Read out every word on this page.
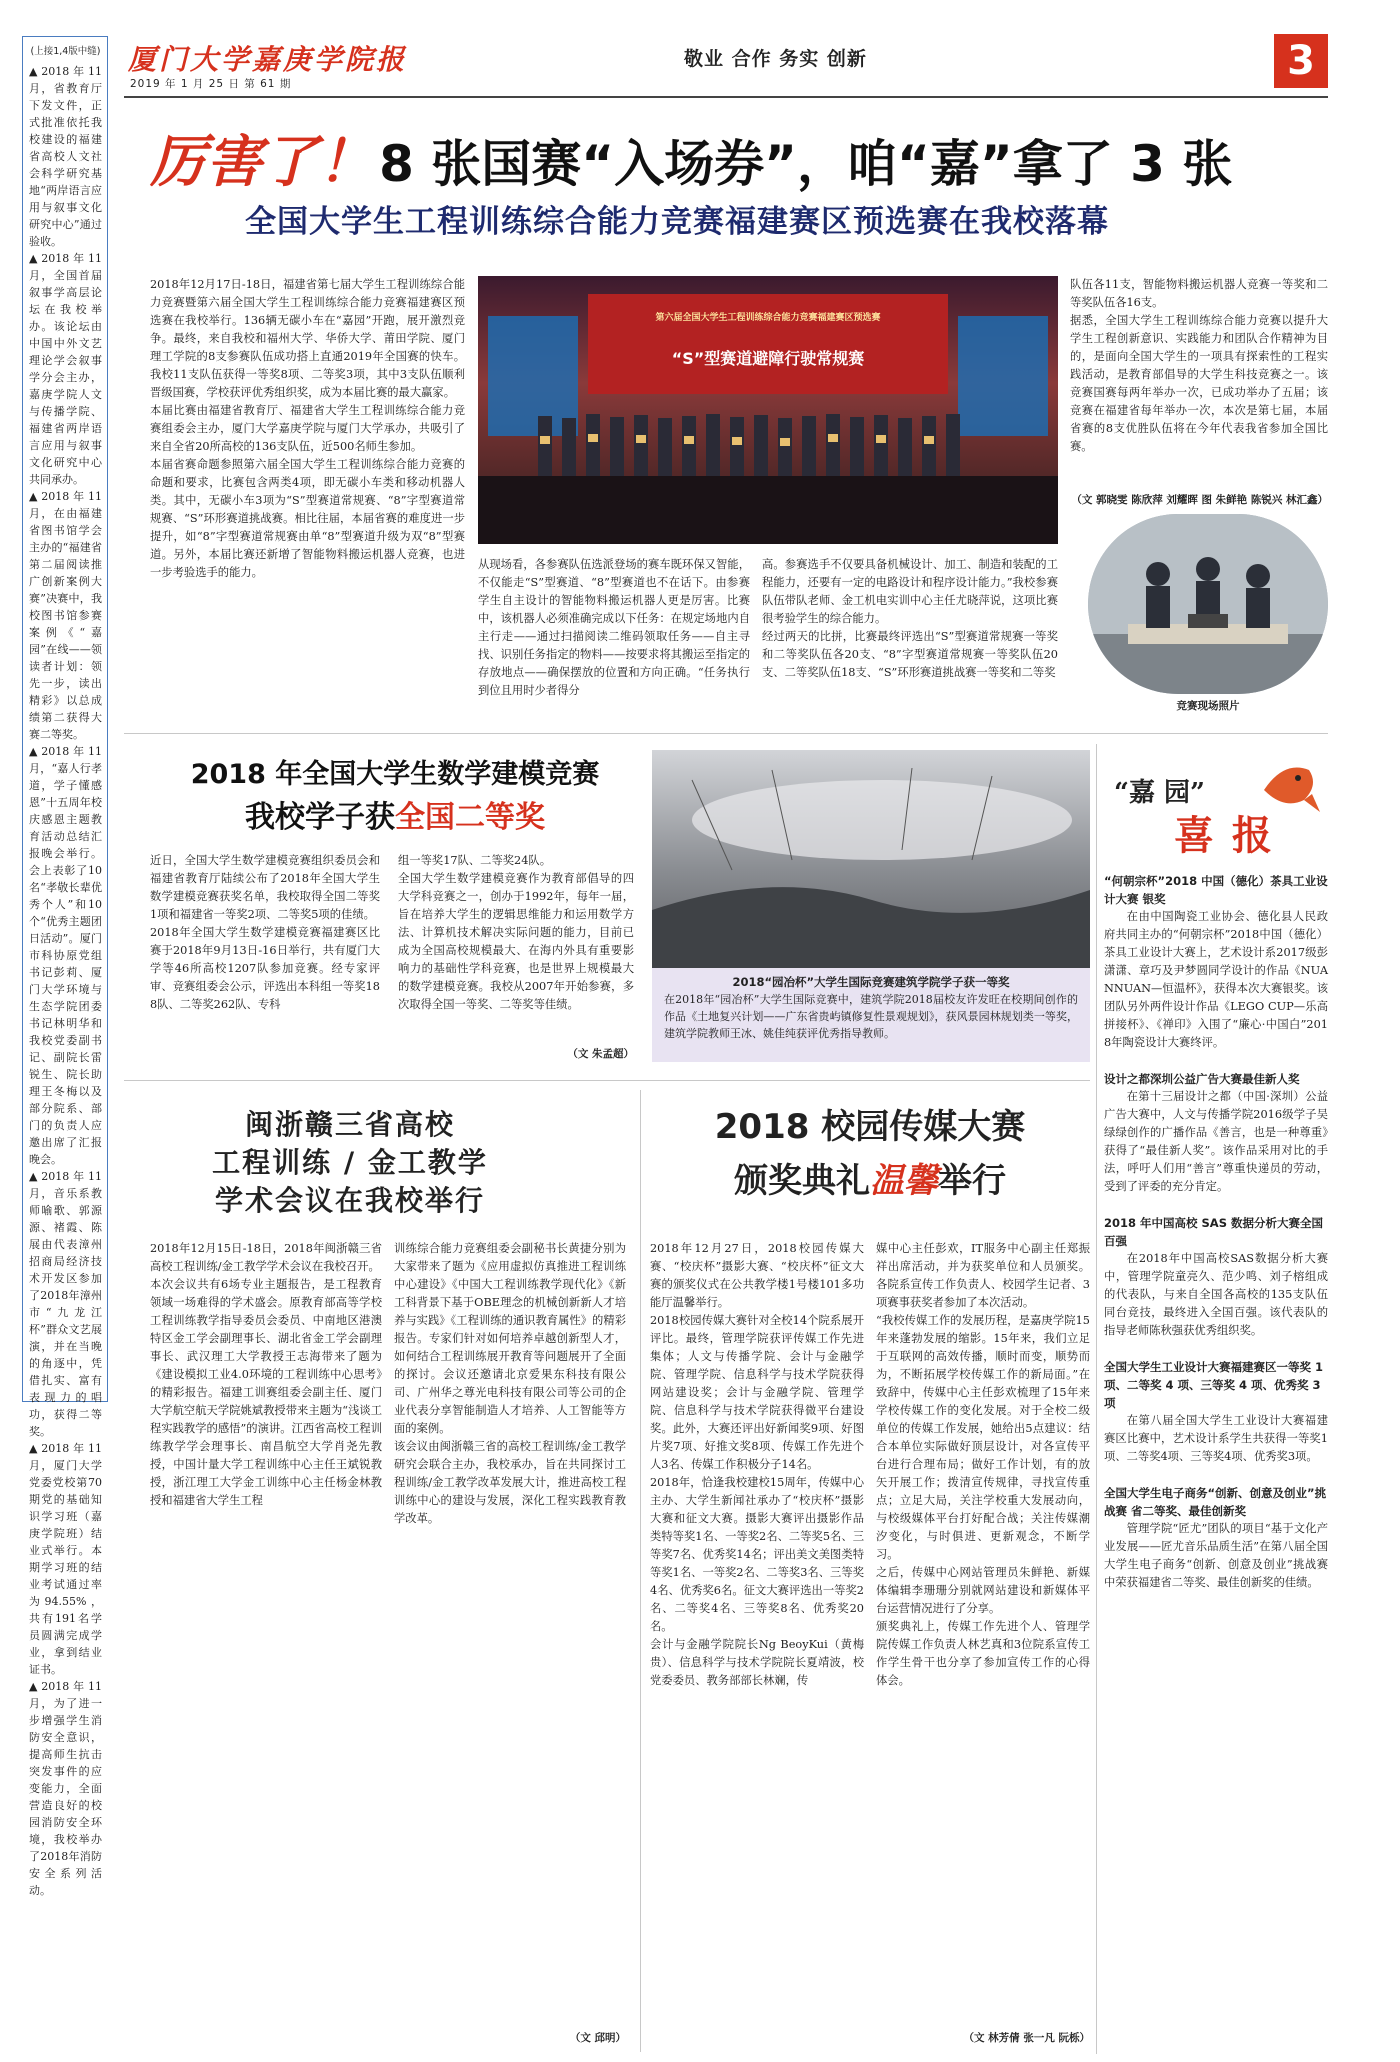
(上接1,4版中缝)

▲2018年11月，省教育厅下发文件，正式批准依托我校建设的福建省高校人文社会科学研究基地“两岸语言应用与叙事文化研究中心”通过验收。
▲2018年11月，全国首届叙事学高层论坛在我校举办。该论坛由中国中外文艺理论学会叙事学分会主办，嘉庚学院人文与传播学院、福建省两岸语言应用与叙事文化研究中心共同承办。
▲2018年11月，在由福建省图书馆学会主办的“福建省第二届阅读推广创新案例大赛”决赛中，我校图书馆参赛案例《“嘉园”在线——领读者计划：领先一步，读出精彩》以总成绩第二获得大赛二等奖。
▲2018年11月，“嘉人行孝道，学子懂感恩”十五周年校庆感恩主题教育活动总结汇报晚会举行。会上表彰了10名“孝敬长辈优秀个人”和10个“优秀主题团日活动”。厦门市科协原党组书记彭莉、厦门大学环境与生态学院团委书记林明华和我校党委副书记、副院长雷锐生、院长助理王冬梅以及部分院系、部门的负责人应邀出席了汇报晚会。
▲2018年11月，音乐系教师喻歌、郭源源、褚霞、陈展由代表漳州招商局经济技术开发区参加了2018年漳州市“九龙江杯”群众文艺展演，并在当晚的角逐中，凭借扎实、富有表现力的唱功，获得二等奖。
▲2018年11月，厦门大学党委党校第70期党的基础知识学习班（嘉庚学院班）结业式举行。本期学习班的结业考试通过率为94.55%，共有191名学员圆满完成学业，拿到结业证书。
▲2018年11月，为了进一步增强学生消防安全意识，提高师生抗击突发事件的应变能力，全面营造良好的校园消防安全环境，我校举办了2018年消防安全系列活动。

厦门大学嘉庚学院报
2019 年 1 月 25 日 第 61 期
敬业 合作 务实 创新	3
厉害了！ 8 张国赛“入场券”，咱“嘉”拿了 3 张
全国大学生工程训练综合能力竞赛福建赛区预选赛在我校落幕

2018年12月17日-18日，福建省第七届大学生工程训练综合能力竞赛暨第六届全国大学生工程训练综合能力竞赛福建赛区预选赛在我校举行。136辆无碳小车在“嘉园”开跑，展开激烈竞争。最终，来自我校和福州大学、华侨大学、莆田学院、厦门理工学院的8支参赛队伍成功搭上直通2019年全国赛的快车。我校11支队伍获得一等奖8项、二等奖3项，其中3支队伍顺利晋级国赛，学校获评优秀组织奖，成为本届比赛的最大赢家。
本届比赛由福建省教育厅、福建省大学生工程训练综合能力竞赛组委会主办，厦门大学嘉庚学院与厦门大学承办，共吸引了来自全省20所高校的136支队伍，近500名师生参加。
本届省赛命题参照第六届全国大学生工程训练综合能力竞赛的命题和要求，比赛包含两类4项，即无碳小车类和移动机器人类。其中，无碳小车3项为“S”型赛道常规赛、“8”字型赛道常规赛、“S”环形赛道挑战赛。相比往届，本届省赛的难度进一步提升，如“8”字型赛道常规赛由单“8”型赛道升级为双“8”型赛道。另外，本届比赛还新增了智能物料搬运机器人竞赛，也进一步考验选手的能力。

第六届全国大学生工程训练综合能力竞赛福建赛区预选赛
“S”型赛道避障行驶常规赛

从现场看，各参赛队伍选派登场的赛车既环保又智能，不仅能走“S”型赛道、“8”型赛道也不在话下。由参赛学生自主设计的智能物料搬运机器人更是厉害。比赛中，该机器人必须准确完成以下任务：在规定场地内自主行走——通过扫描阅读二维码领取任务——自主寻找、识别任务指定的物料——按要求将其搬运至指定的存放地点——确保摆放的位置和方向正确。“任务执行到位且用时少者得分

高。参赛选手不仅要具备机械设计、加工、制造和装配的工程能力，还要有一定的电路设计和程序设计能力。”我校参赛队伍带队老师、金工机电实训中心主任尤晓萍说，这项比赛很考验学生的综合能力。
经过两天的比拼，比赛最终评选出“S”型赛道常规赛一等奖和二等奖队伍各20支、“8”字型赛道常规赛一等奖队伍20支、二等奖队伍18支、“S”环形赛道挑战赛一等奖和二等奖

队伍各11支，智能物料搬运机器人竞赛一等奖和二等奖队伍各16支。
据悉，全国大学生工程训练综合能力竞赛以提升大学生工程创新意识、实践能力和团队合作精神为目的，是面向全国大学生的一项具有探索性的工程实践活动，是教育部倡导的大学生科技竞赛之一。该竞赛国赛每两年举办一次，已成功举办了五届；该竞赛在福建省每年举办一次，本次是第七届，本届省赛的8支优胜队伍将在今年代表我省参加全国比赛。

（文 郭晓雯 陈欣萍 刘耀晖 图 朱鲜艳 陈锐兴 林汇鑫）
竞赛现场照片
2018 年全国大学生数学建模竞赛
我校学子获全国二等奖

近日，全国大学生数学建模竞赛组织委员会和福建省教育厅陆续公布了2018年全国大学生数学建模竞赛获奖名单，我校取得全国二等奖1项和福建省一等奖2项、二等奖5项的佳绩。
2018年全国大学生数学建模竞赛福建赛区比赛于2018年9月13日-16日举行，共有厦门大学等46所高校1207队参加竞赛。经专家评审、竞赛组委会公示，评选出本科组一等奖188队、二等奖262队、专科

组一等奖17队、二等奖24队。
全国大学生数学建模竞赛作为教育部倡导的四大学科竞赛之一，创办于1992年，每年一届，旨在培养大学生的逻辑思维能力和运用数学方法、计算机技术解决实际问题的能力，目前已成为全国高校规模最大、在海内外具有重要影响力的基础性学科竞赛，也是世界上规模最大的数学建模竞赛。我校从2007年开始参赛，多次取得全国一等奖、二等奖等佳绩。

（文 朱孟超）
2018“园冶杯”大学生国际竞赛建筑学院学子获一等奖

在2018年“园冶杯”大学生国际竞赛中，建筑学院2018届校友许发旺在校期间创作的作品《土地复兴计划——广东省贵屿镇修复性景观规划》，获风景园林规划类一等奖，建筑学院教师王冰、姚佳纯获评优秀指导教师。

“嘉 园”
喜 报

“何朝宗杯”2018 中国（德化）茶具工业设计大赛 银奖

在由中国陶瓷工业协会、德化县人民政府共同主办的“何朝宗杯”2018中国（德化）茶具工业设计大赛上，艺术设计系2017级彭潇潇、章巧及尹梦圆同学设计的作品《NUANNUAN—恒温杯》，获得本次大赛银奖。该团队另外两件设计作品《LEGO CUP—乐高拼接杯》、《禅印》入围了“廉心·中国白”2018年陶瓷设计大赛终评。

设计之都深圳公益广告大赛最佳新人奖

在第十三届设计之都（中国·深圳）公益广告大赛中，人文与传播学院2016级学子吴绿绿创作的广播作品《善言，也是一种尊重》获得了“最佳新人奖”。该作品采用对比的手法，呼吁人们用“善言”尊重快递员的劳动，受到了评委的充分肯定。

2018 年中国高校 SAS 数据分析大赛全国百强

在2018年中国高校SAS数据分析大赛中，管理学院童亮久、范少鸣、刘子榕组成的代表队，与来自全国各高校的135支队伍同台竞技，最终进入全国百强。该代表队的指导老师陈秋强获优秀组织奖。

全国大学生工业设计大赛福建赛区一等奖 1 项、二等奖 4 项、三等奖 4 项、优秀奖 3 项

在第八届全国大学生工业设计大赛福建赛区比赛中，艺术设计系学生共获得一等奖1项、二等奖4项、三等奖4项、优秀奖3项。

全国大学生电子商务“创新、创意及创业”挑战赛 省二等奖、最佳创新奖

管理学院“匠尤”团队的项目“基于文化产业发展——匠尤音乐品质生活”在第八届全国大学生电子商务“创新、创意及创业”挑战赛中荣获福建省二等奖、最佳创新奖的佳绩。

闽浙赣三省高校
工程训练 / 金工教学
学术会议在我校举行

2018年12月15日-18日，2018年闽浙赣三省高校工程训练/金工教学学术会议在我校召开。
本次会议共有6场专业主题报告，是工程教育领域一场难得的学术盛会。原教育部高等学校工程训练教学指导委员会委员、中南地区港澳特区金工学会副理事长、湖北省金工学会副理事长、武汉理工大学教授王志海带来了题为《建设模拟工业4.0环境的工程训练中心思考》的精彩报告。福建工训赛组委会副主任、厦门大学航空航天学院姚斌教授带来主题为“浅谈工程实践教学的感悟”的演讲。江西省高校工程训练教学学会理事长、南昌航空大学肖尧先教授，中国计量大学工程训练中心主任王斌锐教授，浙江理工大学金工训练中心主任杨金林教授和福建省大学生工程

训练综合能力竞赛组委会副秘书长黄捷分别为大家带来了题为《应用虚拟仿真推进工程训练中心建设》《中国大工程训练教学现代化》《新工科背景下基于OBE理念的机械创新新人才培养与实践》《工程训练的通识教育属性》的精彩报告。专家们针对如何培养卓越创新型人才，如何结合工程训练展开教育等问题展开了全面的探讨。会议还邀请北京爱果东科技有限公司、广州华之尊光电科技有限公司等公司的企业代表分享智能制造人才培养、人工智能等方面的案例。
该会议由闽浙赣三省的高校工程训练/金工教学研究会联合主办，我校承办，旨在共同探讨工程训练/金工教学改革发展大计，推进高校工程训练中心的建设与发展，深化工程实践教育教学改革。

（文 邱明）
2018 校园传媒大赛
颁奖典礼温馨举行

2018年12月27日，2018校园传媒大赛、“校庆杯”摄影大赛、“校庆杯”征文大赛的颁奖仪式在公共教学楼1号楼101多功能厅温馨举行。
2018校园传媒大赛针对全校14个院系展开评比。最终，管理学院获评传媒工作先进集体；人文与传播学院、会计与金融学院、管理学院、信息科学与技术学院获得网站建设奖；会计与金融学院、管理学院、信息科学与技术学院获得微平台建设奖。此外，大赛还评出好新闻奖9项、好图片奖7项、好推文奖8项、传媒工作先进个人3名、传媒工作积极分子14名。
2018年，恰逢我校建校15周年，传媒中心主办、大学生新闻社承办了“校庆杯”摄影大赛和征文大赛。摄影大赛评出摄影作品类特等奖1名、一等奖2名、二等奖5名、三等奖7名、优秀奖14名；评出美文美图类特等奖1名、一等奖2名、二等奖3名、三等奖4名、优秀奖6名。征文大赛评选出一等奖2名、二等奖4名、三等奖8名、优秀奖20名。
会计与金融学院院长Ng BeoyKui（黄梅贵）、信息科学与技术学院院长夏靖波，校党委委员、教务部部长林斓，传

媒中心主任彭欢，IT服务中心副主任郑振祥出席活动，并为获奖单位和人员颁奖。各院系宣传工作负责人、校园学生记者、3项赛事获奖者参加了本次活动。
“我校传媒工作的发展历程，是嘉庚学院15年来蓬勃发展的缩影。15年来，我们立足于互联网的高效传播，顺时而变，顺势而为，不断拓展学校传媒工作的新局面。”在致辞中，传媒中心主任彭欢梳理了15年来学校传媒工作的变化发展。对于全校二级单位的传媒工作发展，她给出5点建议：结合本单位实际做好顶层设计，对各宣传平台进行合理布局；做好工作计划，有的放矢开展工作；拨清宣传规律，寻找宣传重点；立足大局，关注学校重大发展动向，与校级媒体平台打好配合战；关注传媒潮汐变化，与时俱进、更新观念，不断学习。
之后，传媒中心网站管理员朱鲜艳、新媒体编辑李珊珊分别就网站建设和新媒体平台运营情况进行了分享。
颁奖典礼上，传媒工作先进个人、管理学院传媒工作负责人林艺真和3位院系宣传工作学生骨干也分享了参加宣传工作的心得体会。

（文 林芳倩 张一凡 阮栎）
